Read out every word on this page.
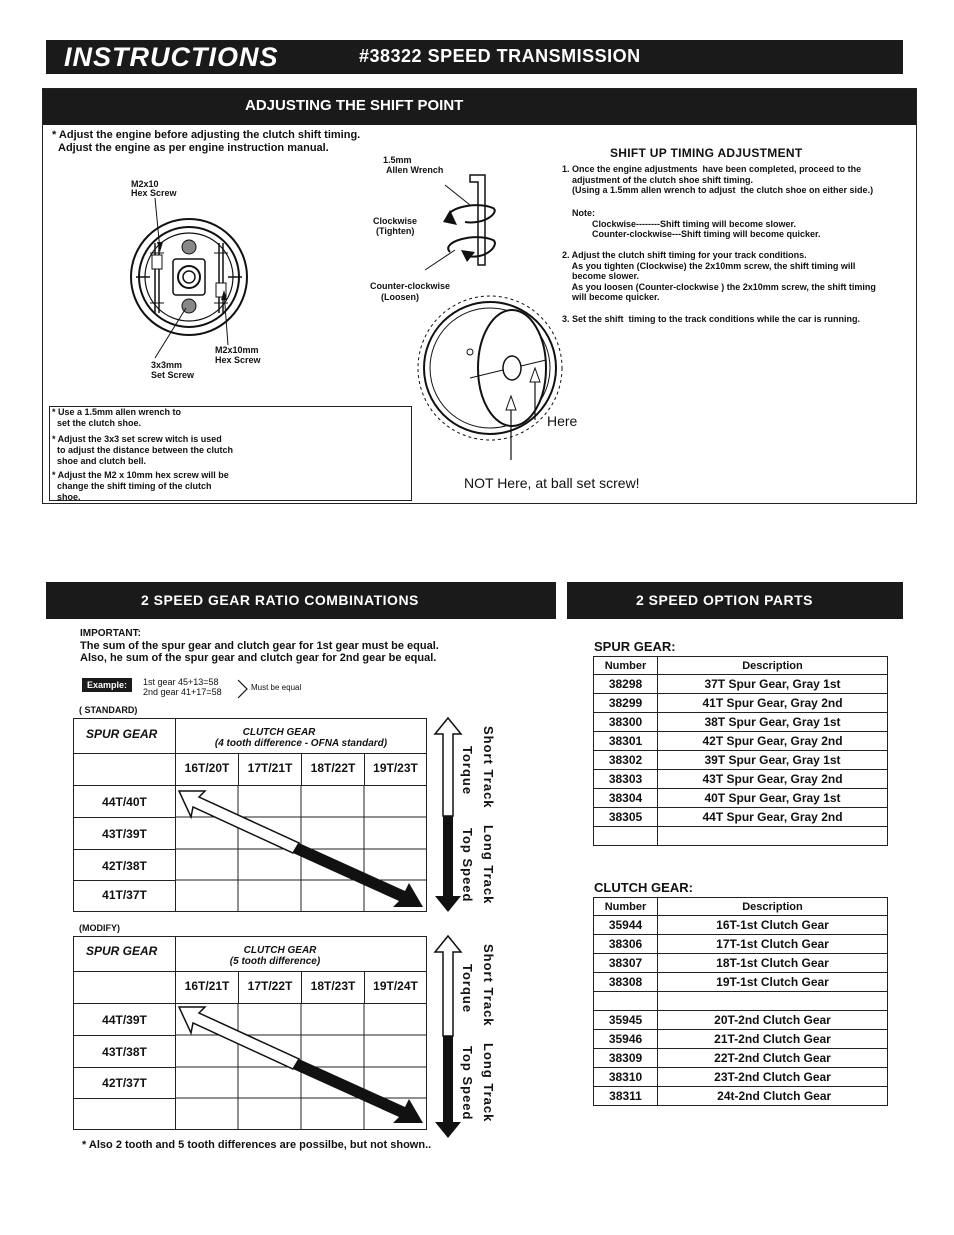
INSTRUCTIONS	#38322 SPEED TRANSMISSION
ADJUSTING THE SHIFT POINT
* Adjust the engine before adjusting the clutch shift timing.
Adjust the engine as per engine instruction manual.
M2x10
Hex Screw
3x3mm
Set Screw
M2x10mm
Hex Screw
* Use a 1.5mm allen wrench to
set the clutch shoe.
* Adjust the 3x3 set screw witch is used
to adjust the distance between the clutch
shoe and clutch bell.
* Adjust the M2 x 10mm hex screw will be
change the shift timing of the clutch
shoe.
1.5mm
Allen Wrench
Clockwise
(Tighten)
Counter-clockwise
(Loosen)
Here
NOT Here, at ball set screw!
SHIFT UP TIMING ADJUSTMENT
1. Once the engine adjustments  have been completed, proceed to the
adjustment of the clutch shoe shift timing.
(Using a 1.5mm allen wrench to adjust  the clutch shoe on either side.)
Note:
Clockwise--------Shift timing will become slower.
Counter-clockwise---Shift timing will become quicker.
2. Adjust the clutch shift timing for your track conditions.
As you tighten (Clockwise) the 2x10mm screw, the shift timing will
become slower.
As you loosen (Counter-clockwise ) the 2x10mm screw, the shift timing
will become quicker.
3. Set the shift  timing to the track conditions while the car is running.
2 SPEED GEAR RATIO COMBINATIONS
IMPORTANT:
The sum of the spur gear and clutch gear for 1st gear must be equal.
Also, he sum of the spur gear and clutch gear for 2nd gear be equal.
Example:	1st gear 45+13=58
2nd gear 41+17=58	Must be equal
( STANDARD)
SPUR GEAR	CLUTCH GEAR
(4 tooth difference - OFNA standard)
16T/20T	17T/21T	18T/22T	19T/23T
44T/40T
43T/39T
42T/38T
41T/37T
Short Track
Torque
Long Track
Top Speed
(MODIFY)
SPUR GEAR	CLUTCH GEAR
(5 tooth difference)
16T/21T	17T/22T	18T/23T	19T/24T
44T/39T
43T/38T
42T/37T
Short Track
Torque
Long Track
Top Speed
* Also 2 tooth and 5 tooth differences are possilbe, but not shown..
2 SPEED OPTION PARTS
SPUR GEAR:
Number	Description
38298	37T Spur Gear, Gray 1st
38299	41T Spur Gear, Gray 2nd
38300	38T Spur Gear, Gray 1st
38301	42T Spur Gear, Gray 2nd
38302	39T Spur Gear, Gray 1st
38303	43T Spur Gear, Gray 2nd
38304	40T Spur Gear, Gray 1st
38305	44T Spur Gear, Gray 2nd

CLUTCH GEAR:
Number	Description
35944	16T-1st Clutch Gear
38306	17T-1st Clutch Gear
38307	18T-1st Clutch Gear
38308	19T-1st Clutch Gear

35945	20T-2nd Clutch Gear
35946	21T-2nd Clutch Gear
38309	22T-2nd Clutch Gear
38310	23T-2nd Clutch Gear
38311	24t-2nd Clutch Gear
